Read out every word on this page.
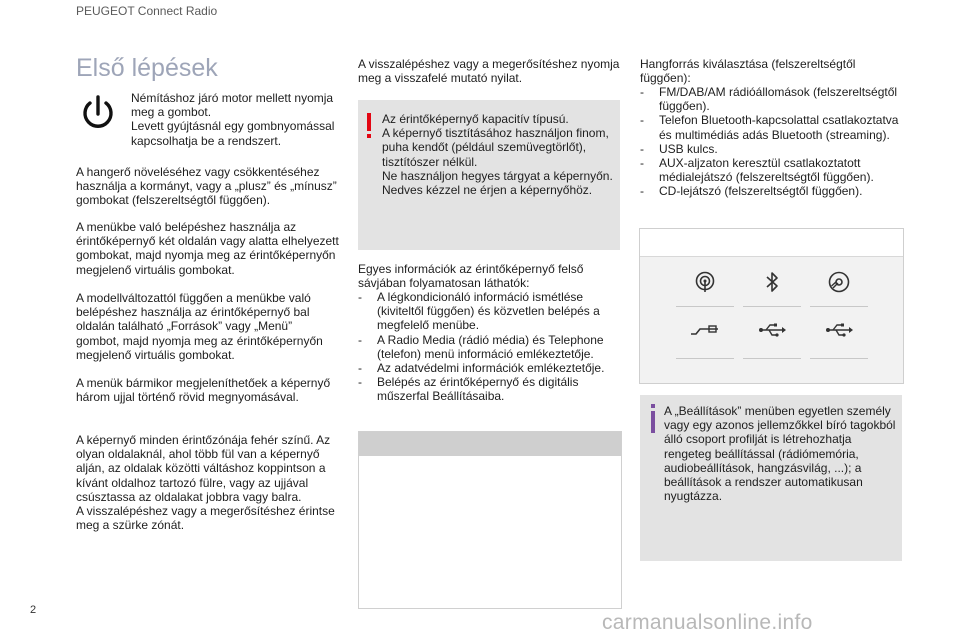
PEUGEOT Connect Radio
Első lépések
Némításhoz járó motor mellett nyomja meg a gombot.
Levett gyújtásnál egy gombnyomással kapcsolhatja be a rendszert.
A hangerő növeléséhez vagy csökkentéséhez használja a kormányt, vagy a „plusz” és „mínusz” gombokat (felszereltségtől függően).
A menükbe való belépéshez használja az érintőképernyő két oldalán vagy alatta elhelyezett gombokat, majd nyomja meg az érintőképernyőn megjelenő virtuális gombokat.
A modellváltozattól függően a menükbe való belépéshez használja az érintőképernyő bal oldalán található „Források” vagy „Menü” gombot, majd nyomja meg az érintőképernyőn megjelenő virtuális gombokat.
A menük bármikor megjeleníthetőek a képernyő három ujjal történő rövid megnyomásával.
A képernyő minden érintőzónája fehér színű. Az olyan oldalaknál, ahol több fül van a képernyő alján, az oldalak közötti váltáshoz koppintson a kívánt oldalhoz tartozó fülre, vagy az ujjával csúsztassa az oldalakat jobbra vagy balra.
A visszalépéshez vagy a megerősítéshez érintse meg a szürke zónát.
A visszalépéshez vagy a megerősítéshez nyomja meg a visszafelé mutató nyilat.
Az érintőképernyő kapacitív típusú.
A képernyő tisztításához használjon finom, puha kendőt (például szemüvegtörlőt), tisztítószer nélkül.
Ne használjon hegyes tárgyat a képernyőn.
Nedves kézzel ne érjen a képernyőhöz.
Egyes információk az érintőképernyő felső sávjában folyamatosan láthatók:
- A légkondicionáló információ ismétlése (kiviteltől függően) és közvetlen belépés a megfelelő menübe.
- A Radio Media (rádió média) és Telephone (telefon) menü információ emlékeztetője.
- Az adatvédelmi információk emlékeztetője.
- Belépés az érintőképernyő és digitális műszerfal Beállításaiba.
Hangforrás kiválasztása (felszereltségtől függően):
- FM/DAB/AM rádióállomások (felszereltségtől függően).
- Telefon Bluetooth-kapcsolattal csatlakoztatva és multimédiás adás Bluetooth (streaming).
- USB kulcs.
- AUX-aljzaton keresztül csatlakoztatott médialejátszó (felszereltségtől függően).
- CD-lejátszó (felszereltségtől függően).
A „Beállítások” menüben egyetlen személy vagy egy azonos jellemzőkkel bíró tagokból álló csoport profilját is létrehozhatja rengeteg beállítással (rádiómemória, audiobeállítások, hangzásvilág, ...); a beállítások a rendszer automatikusan nyugtázza.
2
carmanualsonline.info
